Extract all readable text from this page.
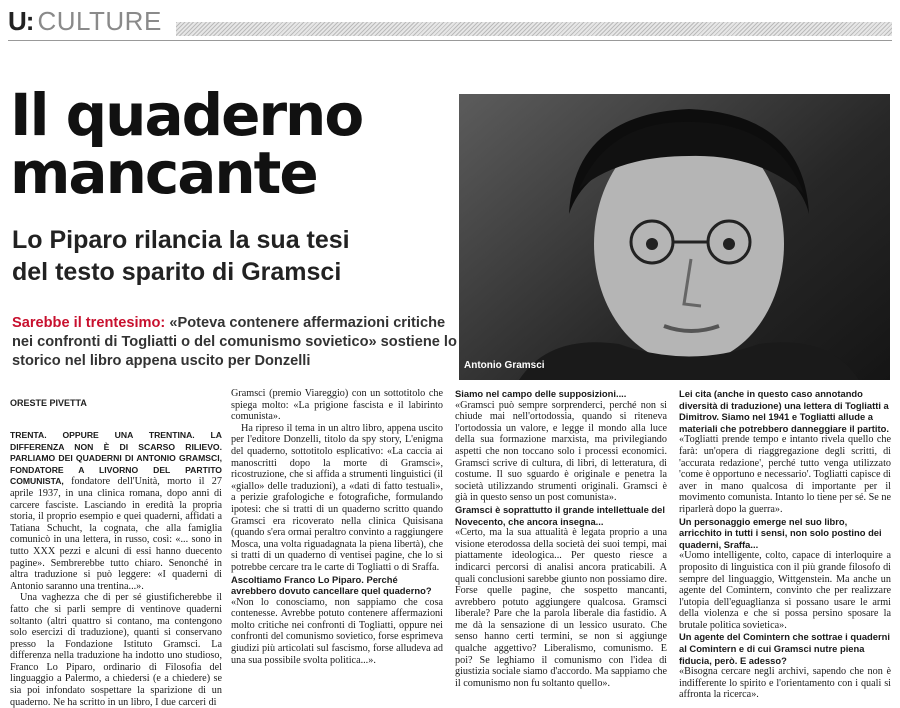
U: CULTURE
Il quaderno
mancante
Lo Piparo rilancia la sua tesi
del testo sparito di Gramsci
Sarebbe il trentesimo: «Poteva contenere affermazioni critiche nei confronti di Togliatti o del comunismo sovietico» sostiene lo storico nel libro appena uscito per Donzelli	Antonio Gramsci
ORESTE PIVETTA

TRENTA. OPPURE UNA TRENTINA. LA DIFFERENZA NON È DI SCARSO RILIEVO. PARLIAMO DEI QUADERNI DI ANTONIO GRAMSCI, FONDATORE A LIVORNO DEL PARTITO COMUNISTA, fondatore dell'Unità, morto il 27 aprile 1937, in una clinica romana, dopo anni di carcere fasciste. Lasciando in eredità la propria storia, il proprio esempio e quei quaderni, affidati a Tatiana Schucht, la cognata, che alla famiglia comunicò in una lettera, in russo, così: «... sono in tutto XXX pezzi e alcuni di essi hanno duecento pagine». Sembrerebbe tutto chiaro. Senonché in altra traduzione si può leggere: «I quaderni di Antonio saranno una trentina...».

Una vaghezza che di per sé giustificherebbe il fatto che si parli sempre di ventinove quaderni soltanto (altri quattro si contano, ma contengono solo esercizi di traduzione), quanti si conservano presso la Fondazione Istituto Gramsci. La differenza nella traduzione ha indotto uno studioso, Franco Lo Piparo, ordinario di Filosofia del linguaggio a Palermo, a chiedersi (e a chiedere) se sia poi infondato sospettare la sparizione di un quaderno. Ne ha scritto in un libro, I due carceri di

Gramsci (premio Viareggio) con un sottotitolo che spiega molto: «La prigione fascista e il labirinto comunista».

Ha ripreso il tema in un altro libro, appena uscito per l'editore Donzelli, titolo da spy story, L'enigma del quaderno, sottotitolo esplicativo: «La caccia ai manoscritti dopo la morte di Gramsci», ricostruzione, che si affida a strumenti linguistici (il «giallo» delle traduzioni), a «dati di fatto testuali», a perizie grafologiche e fotografiche, formulando ipotesi: che si tratti di un quaderno scritto quando Gramsci era ricoverato nella clinica Quisisana (quando s'era ormai peraltro convinto a raggiungere Mosca, una volta riguadagnata la piena libertà), che si tratti di un quaderno di ventisei pagine, che lo si potrebbe cercare tra le carte di Togliatti o di Sraffa.

Ascoltiamo Franco Lo Piparo. Perché avrebbero dovuto cancellare quel quaderno?

«Non lo conosciamo, non sappiamo che cosa contenesse. Avrebbe potuto contenere affermazioni molto critiche nei confronti di Togliatti, oppure nei confronti del comunismo sovietico, forse esprimeva giudizi più articolati sul fascismo, forse alludeva ad una sua possibile svolta politica...».

Siamo nel campo delle supposizioni....

«Gramsci può sempre sorprenderci, perché non si chiude mai nell'ortodossia, quando si riteneva l'ortodossia un valore, e legge il mondo alla luce della sua formazione marxista, ma privilegiando aspetti che non toccano solo i processi economici. Gramsci scrive di cultura, di libri, di letteratura, di costume. Il suo sguardo è originale e penetra la società utilizzando strumenti originali. Gramsci è già in questo senso un post comunista».

Gramsci è soprattutto il grande intellettuale del Novecento, che ancora insegna...

«Certo, ma la sua attualità è legata proprio a una visione eterodossa della società dei suoi tempi, mai piattamente ideologica... Per questo riesce a indicarci percorsi di analisi ancora praticabili. A quali conclusioni sarebbe giunto non possiamo dire. Forse quelle pagine, che sospetto mancanti, avrebbero potuto aggiungere qualcosa. Gramsci liberale? Pare che la parola liberale dia fastidio. A me dà la sensazione di un lessico usurato. Che senso hanno certi termini, se non si aggiunge qualche aggettivo? Liberalismo, comunismo. E poi? Se leghiamo il comunismo con l'idea di giustizia sociale siamo d'accordo. Ma sappiamo che il comunismo non fu soltanto quello».

Lei cita (anche in questo caso annotando diversità di traduzione) una lettera di Togliatti a Dimitrov. Siamo nel 1941 e Togliatti allude a materiali che potrebbero danneggiare il partito.

«Togliatti prende tempo e intanto rivela quello che farà: un'opera di riaggregazione degli scritti, di 'accurata redazione', perché tutto venga utilizzato 'come è opportuno e necessario'. Togliatti capisce di aver in mano qualcosa di importante per il movimento comunista. Intanto lo tiene per sé. Se ne riparlerà dopo la guerra».

Un personaggio emerge nel suo libro, arricchito in tutti i sensi, non solo postino dei quaderni, Sraffa...

«Uomo intelligente, colto, capace di interloquire a proposito di linguistica con il più grande filosofo di sempre del linguaggio, Wittgenstein. Ma anche un agente del Comintern, convinto che per realizzare l'utopia dell'eguaglianza si possano usare le armi della violenza e che si possa persino sposare la brutale politica sovietica».

Un agente del Comintern che sottrae i quaderni al Comintern e di cui Gramsci nutre piena fiducia, però. E adesso?

«Bisogna cercare negli archivi, sapendo che non è indifferente lo spirito e l'orientamento con i quali si affronta la ricerca».
